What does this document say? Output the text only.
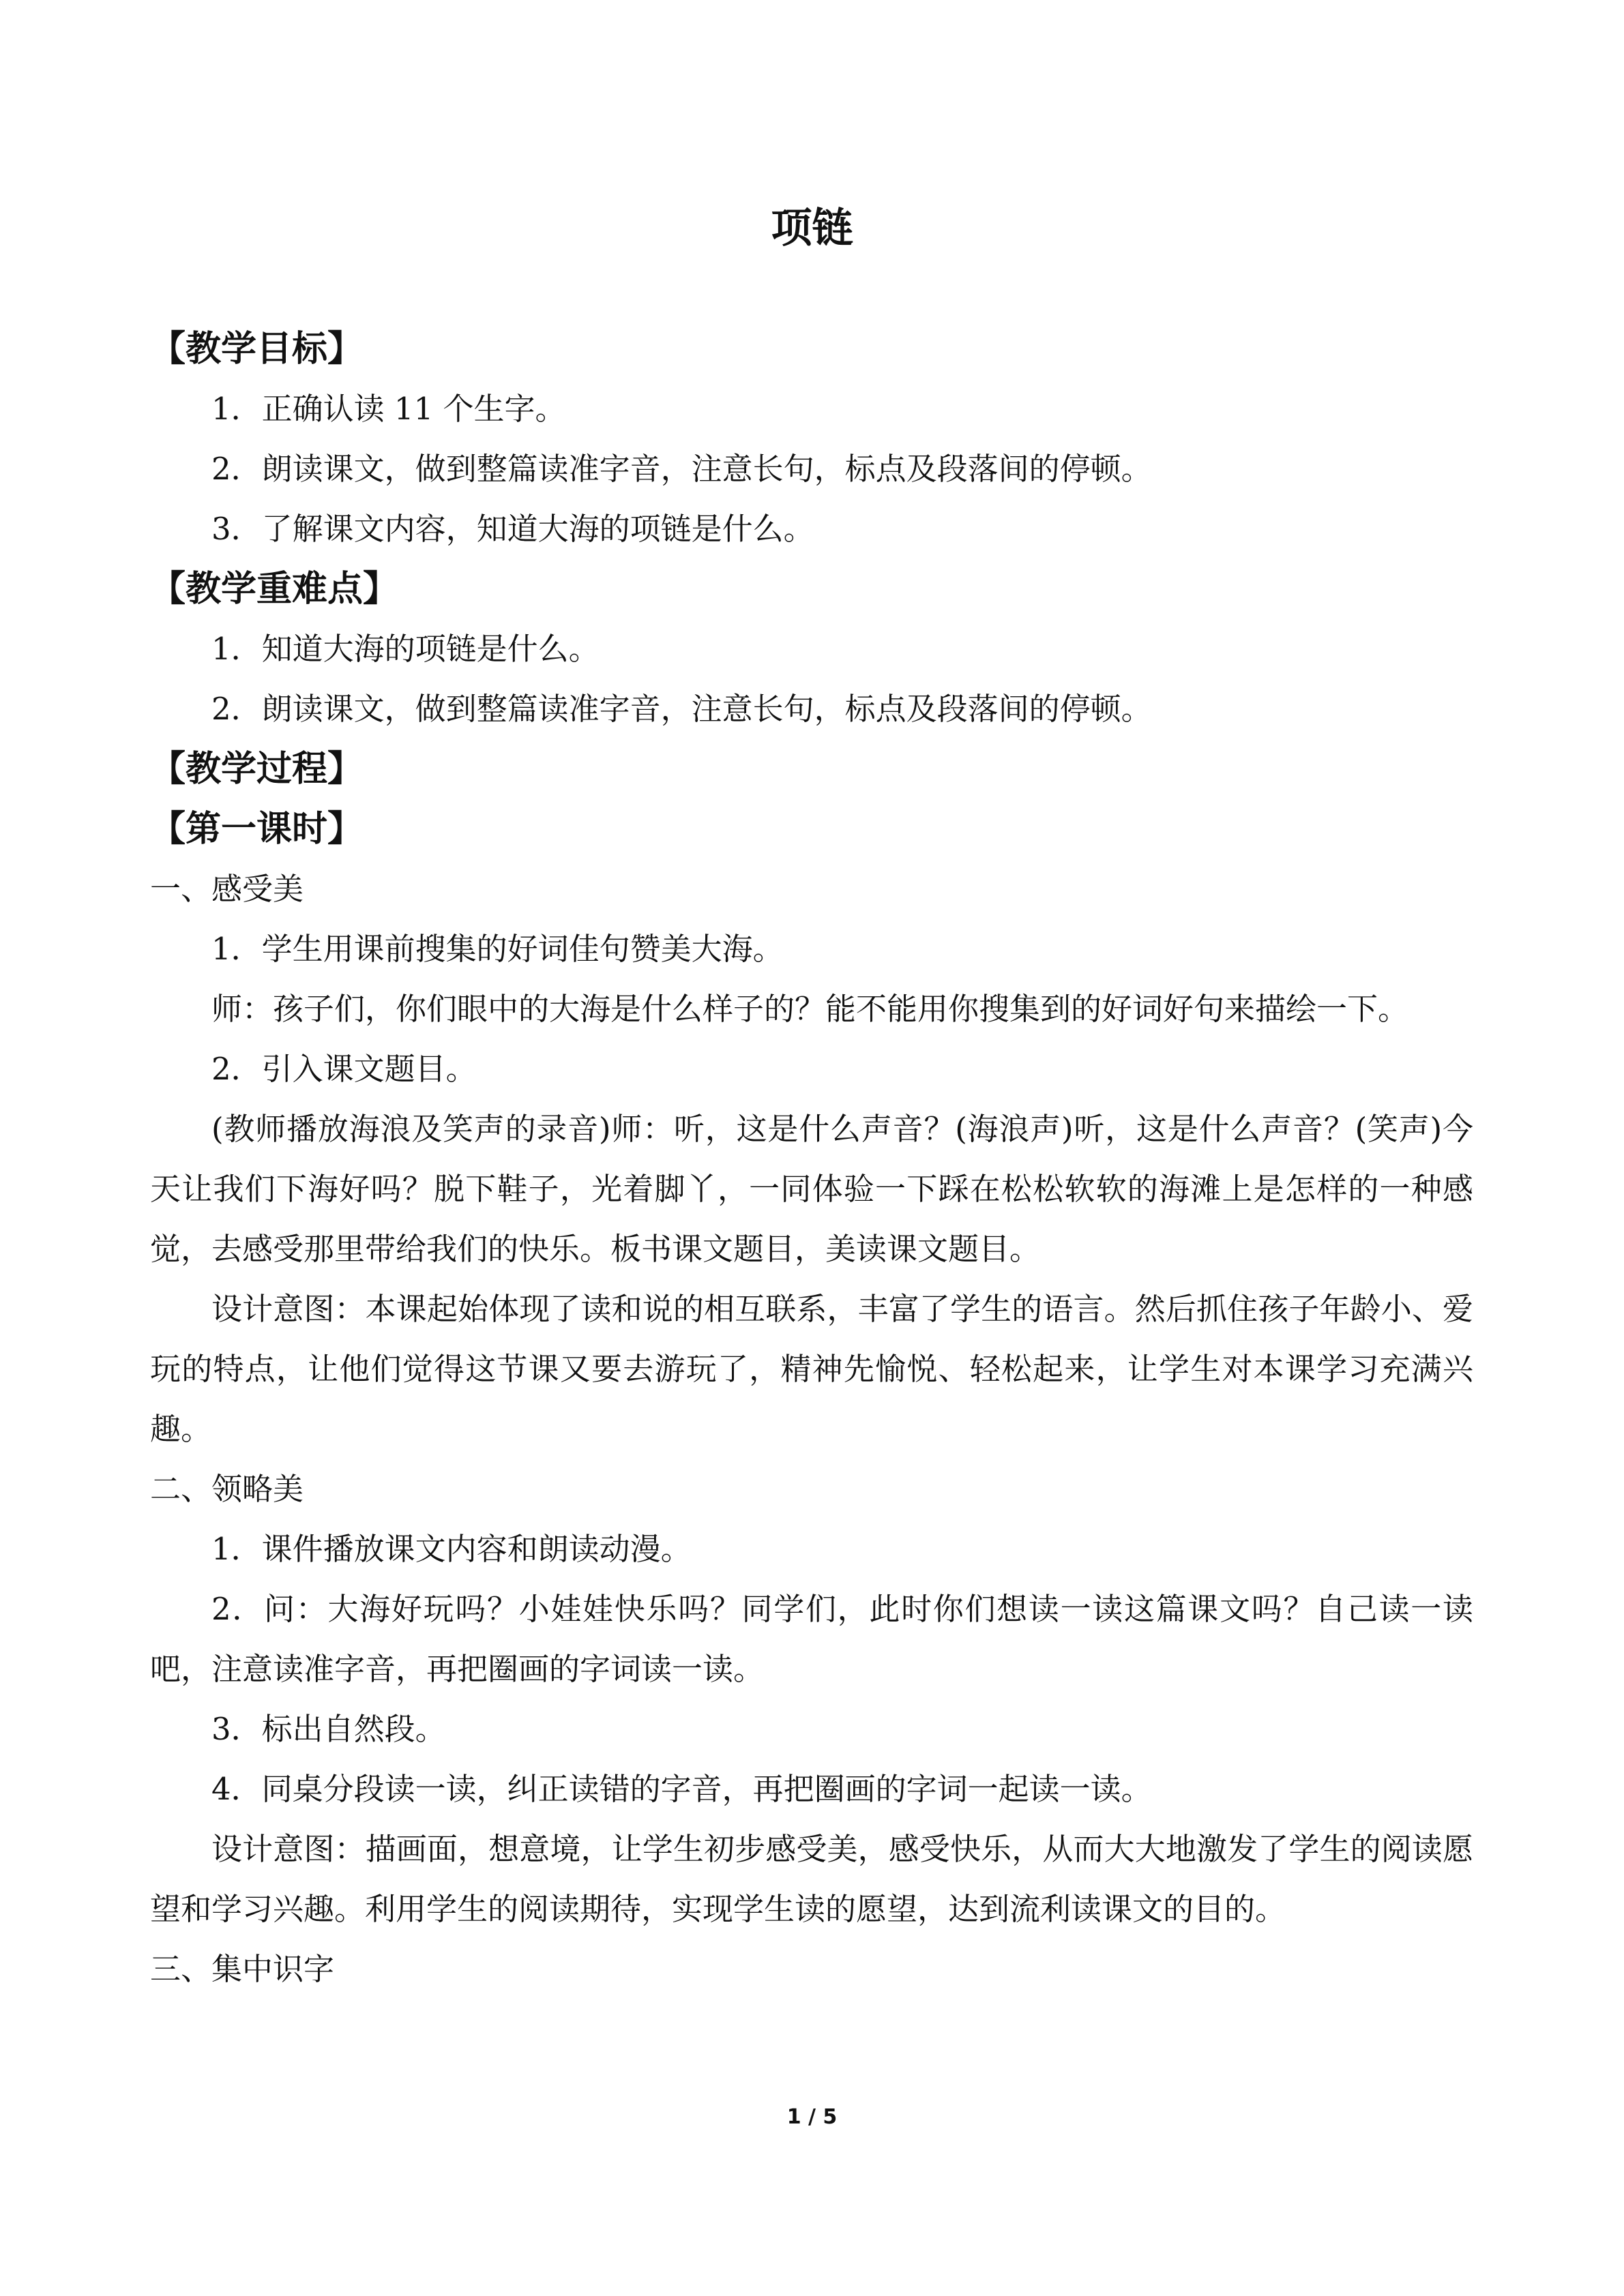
项链
【教学目标】
1．正确认读 11 个生字。
2．朗读课文，做到整篇读准字音，注意长句，标点及段落间的停顿。
3．了解课文内容，知道大海的项链是什么。
【教学重难点】
1．知道大海的项链是什么。
2．朗读课文，做到整篇读准字音，注意长句，标点及段落间的停顿。
【教学过程】
【第一课时】
一、感受美
1．学生用课前搜集的好词佳句赞美大海。
师：孩子们，你们眼中的大海是什么样子的？能不能用你搜集到的好词好句来描绘一下。
2．引入课文题目。
(教师播放海浪及笑声的录音)师：听，这是什么声音？(海浪声)听，这是什么声音？(笑声)今天让我们下海好吗？脱下鞋子，光着脚丫，一同体验一下踩在松松软软的海滩上是怎样的一种感觉，去感受那里带给我们的快乐。板书课文题目，美读课文题目。
设计意图：本课起始体现了读和说的相互联系，丰富了学生的语言。然后抓住孩子年龄小、爱玩的特点，让他们觉得这节课又要去游玩了，精神先愉悦、轻松起来，让学生对本课学习充满兴趣。
二、领略美
1．课件播放课文内容和朗读动漫。
2．问：大海好玩吗？小娃娃快乐吗？同学们，此时你们想读一读这篇课文吗？自己读一读吧，注意读准字音，再把圈画的字词读一读。
3．标出自然段。
4．同桌分段读一读，纠正读错的字音，再把圈画的字词一起读一读。
设计意图：描画面，想意境，让学生初步感受美，感受快乐，从而大大地激发了学生的阅读愿望和学习兴趣。利用学生的阅读期待，实现学生读的愿望，达到流利读课文的目的。
三、集中识字
1 / 5
